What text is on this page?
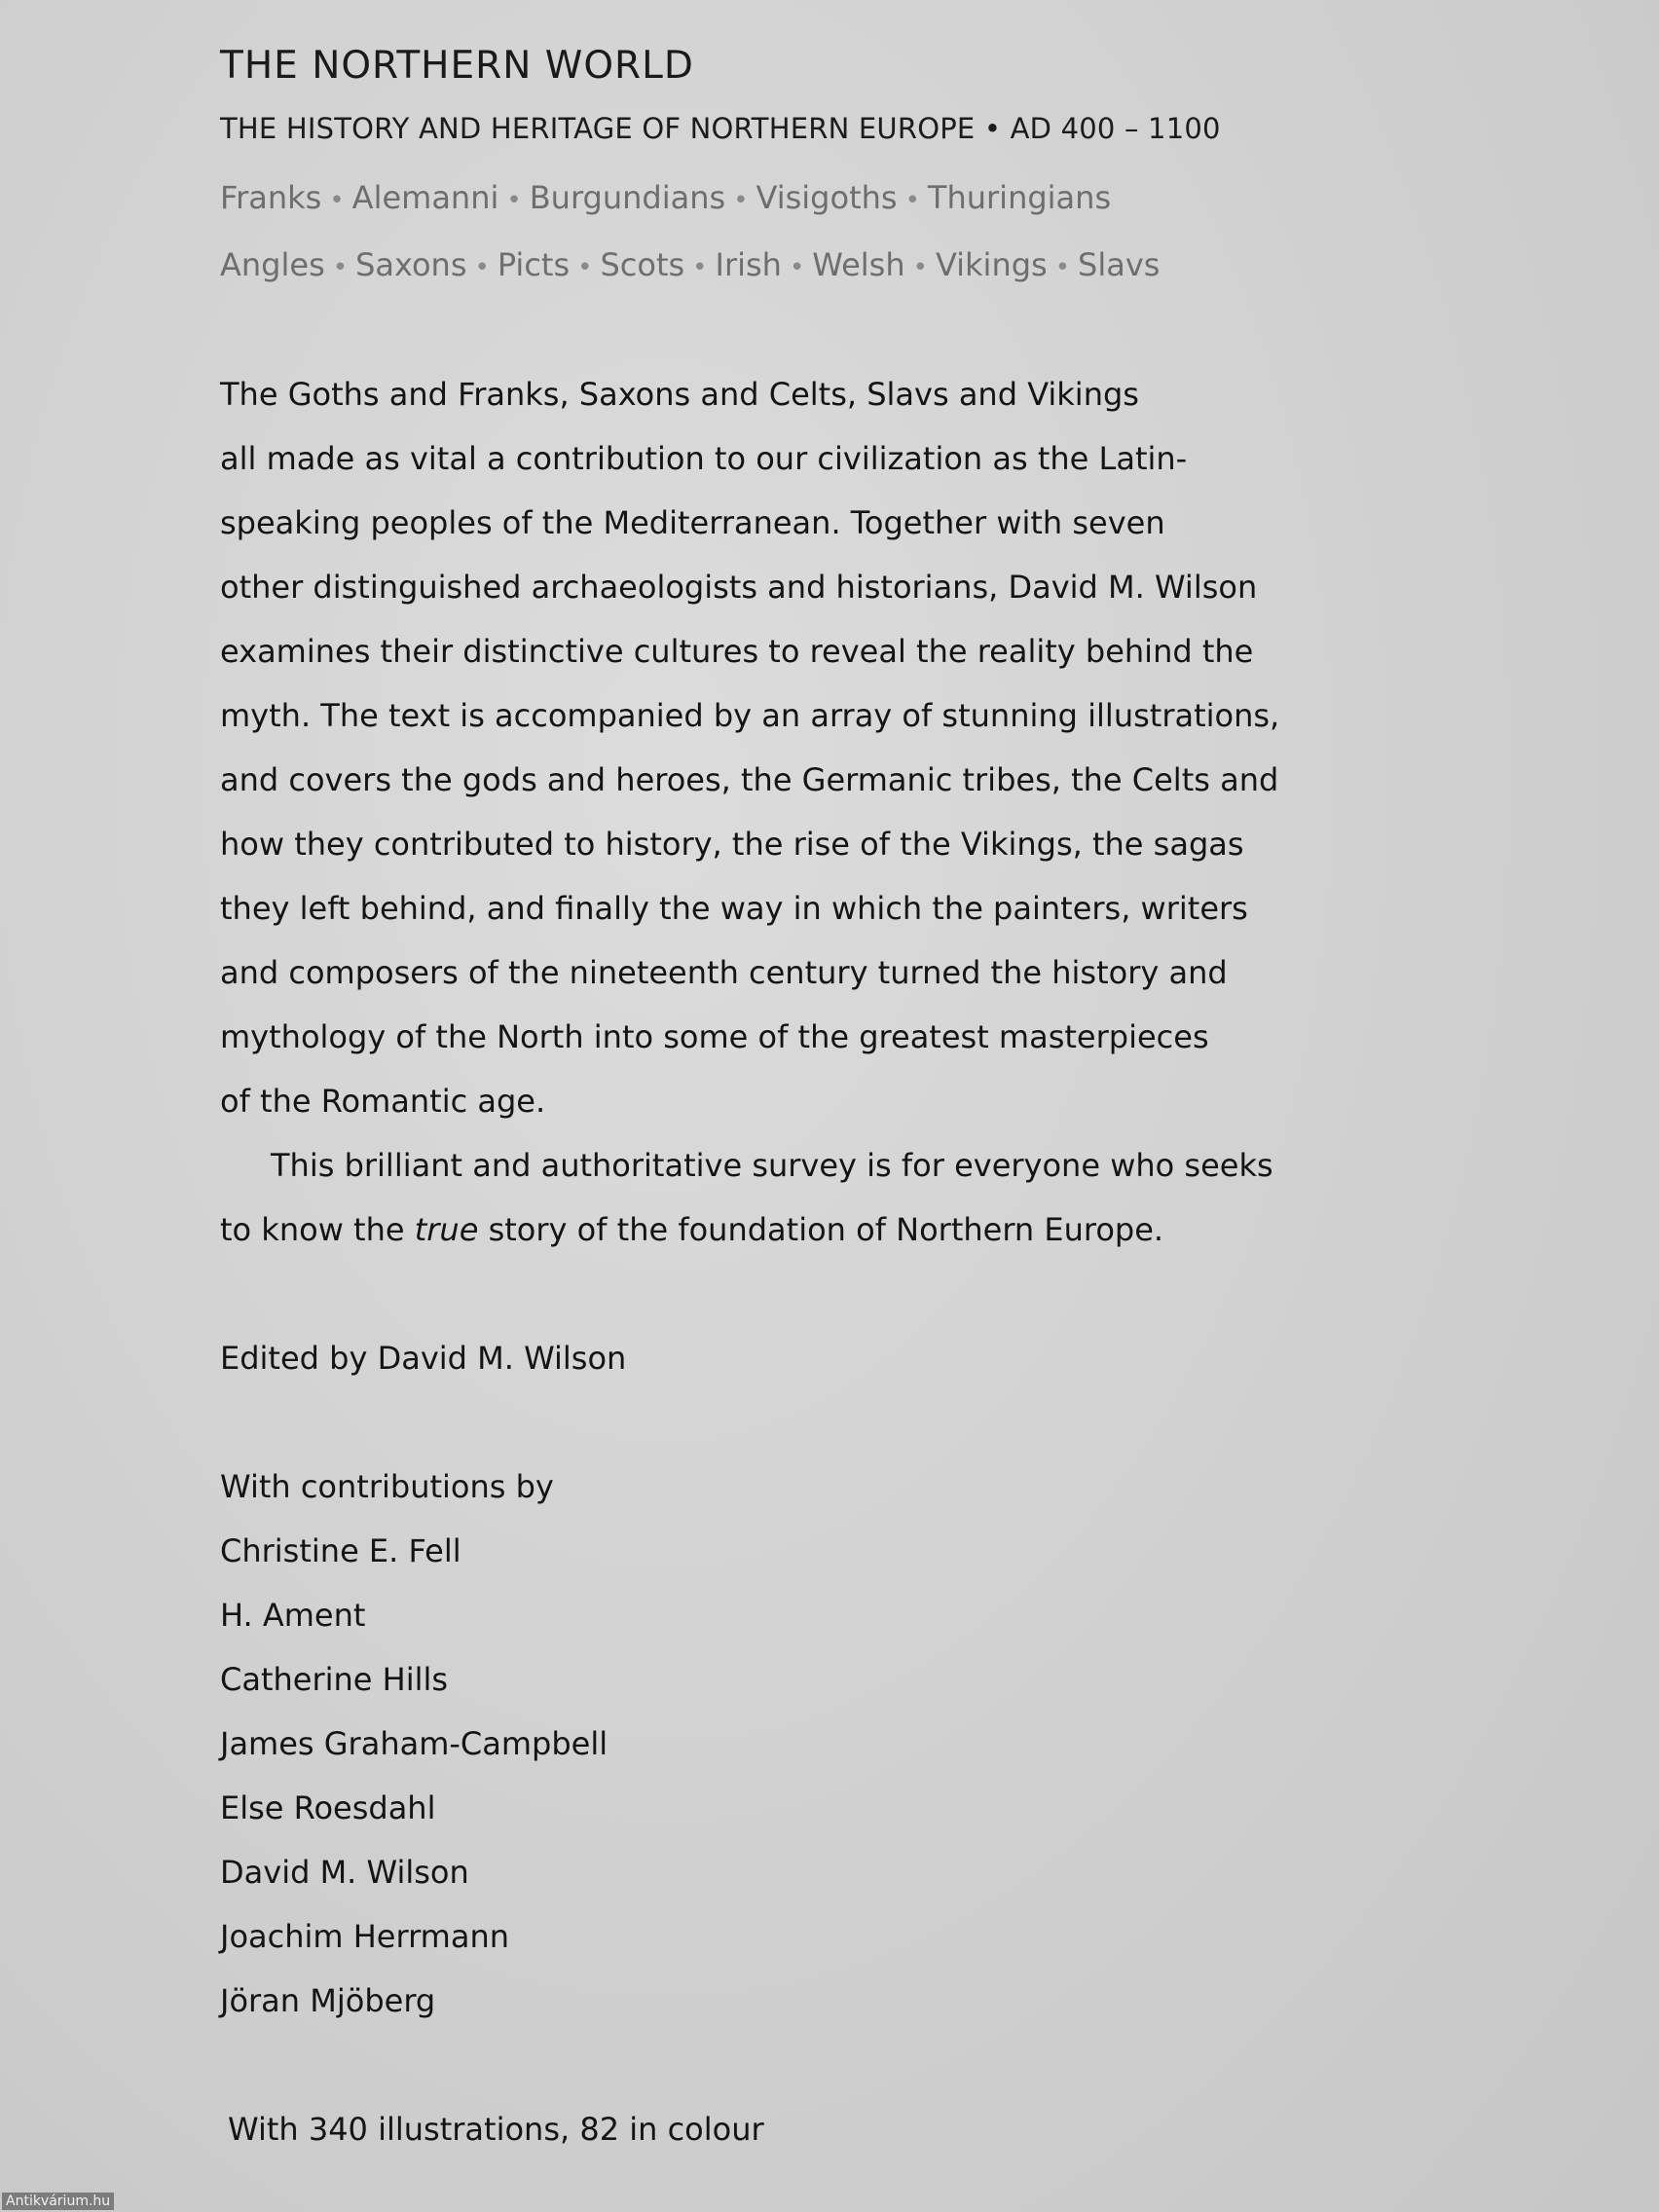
THE NORTHERN WORLD
THE HISTORY AND HERITAGE OF NORTHERN EUROPE • AD 400 – 1100
Franks • Alemanni • Burgundians • Visigoths • Thuringians
Angles • Saxons • Picts • Scots • Irish • Welsh • Vikings • Slavs

The Goths and Franks, Saxons and Celts, Slavs and Vikings

all made as vital a contribution to our civilization as the Latin-

speaking peoples of the Mediterranean. Together with seven

other distinguished archaeologists and historians, David M. Wilson

examines their distinctive cultures to reveal the reality behind the

myth. The text is accompanied by an array of stunning illustrations,

and covers the gods and heroes, the Germanic tribes, the Celts and

how they contributed to history, the rise of the Vikings, the sagas

they left behind, and finally the way in which the painters, writers

and composers of the nineteenth century turned the history and

mythology of the North into some of the greatest masterpieces

of the Romantic age.

This brilliant and authoritative survey is for everyone who seeks

to know the true story of the foundation of Northern Europe.

Edited by David M. Wilson
With contributions by
Christine E. Fell
H. Ament
Catherine Hills
James Graham-Campbell
Else Roesdahl
David M. Wilson
Joachim Herrmann
Jöran Mjöberg
With 340 illustrations, 82 in colour
Antikvárium.hu
